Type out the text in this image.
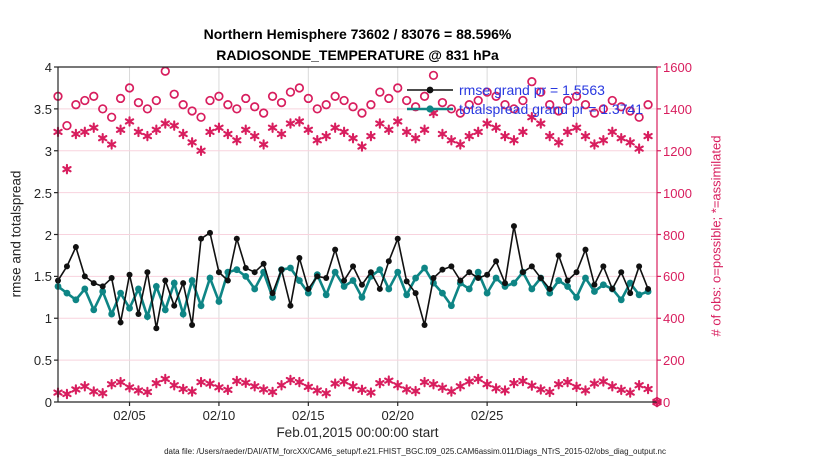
Northern Hemisphere 73602 / 83076 = 88.596%
RADIOSONDE_TEMPERATURE @ 831 hPa
rmse and totalspread	# of obs: o=possible; *=assimilated
Feb.01,2015 00:00:00 start
data file: /Users/raeder/DAI/ATM_forcXX/CAM6_setup/f.e21.FHIST_BGC.f09_025.CAM6assim.011/Diags_NTrS_2015-02/obs_diag_output.nc
rmse grand pr = 1.5563
totalspread grand pr = 1.3741
0
0.5
1
1.5
2
2.5
3
3.5
4
0
200
400
600
800
1000
1200
1400
1600
02/05	02/10	02/15	02/20	02/25
